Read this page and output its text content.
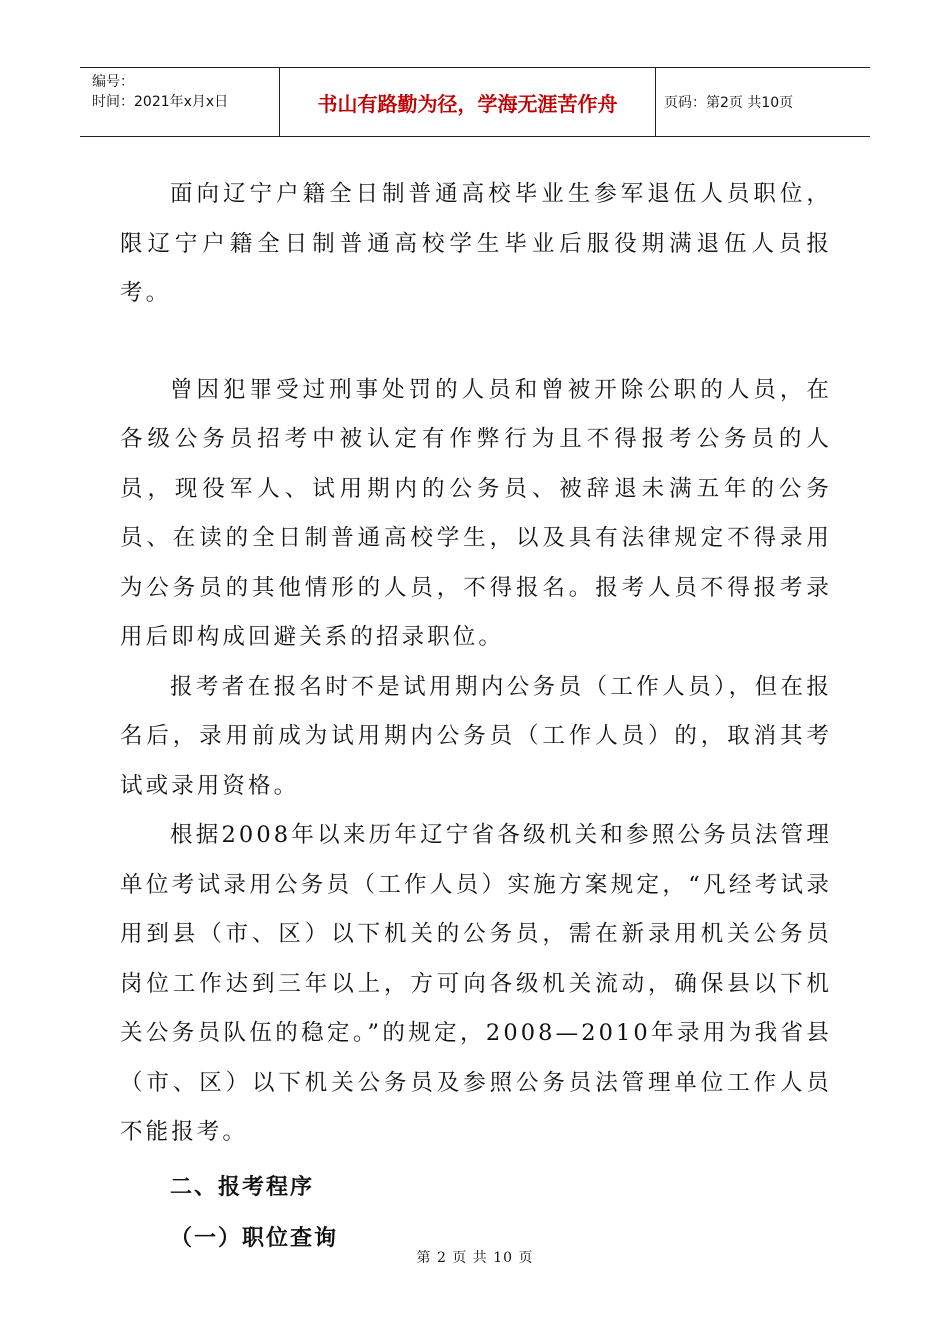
编号：
时间：2021年x月x日	书山有路勤为径，学海无涯苦作舟	页码：第2页 共10页

面向辽宁户籍全日制普通高校毕业生参军退伍人员职位，限辽宁户籍全日制普通高校学生毕业后服役期满退伍人员报考。

曾因犯罪受过刑事处罚的人员和曾被开除公职的人员，在各级公务员招考中被认定有作弊行为且不得报考公务员的人员，现役军人、试用期内的公务员、被辞退未满五年的公务员、在读的全日制普通高校学生，以及具有法律规定不得录用为公务员的其他情形的人员，不得报名。报考人员不得报考录用后即构成回避关系的招录职位。

报考者在报名时不是试用期内公务员（工作人员），但在报名后，录用前成为试用期内公务员（工作人员）的，取消其考试或录用资格。

根据2008年以来历年辽宁省各级机关和参照公务员法管理单位考试录用公务员（工作人员）实施方案规定，“凡经考试录用到县（市、区）以下机关的公务员，需在新录用机关公务员岗位工作达到三年以上，方可向各级机关流动，确保县以下机关公务员队伍的稳定。”的规定，2008—2010年录用为我省县（市、区）以下机关公务员及参照公务员法管理单位工作人员不能报考。

二、报考程序

（一）职位查询

第 2 页 共 10 页
